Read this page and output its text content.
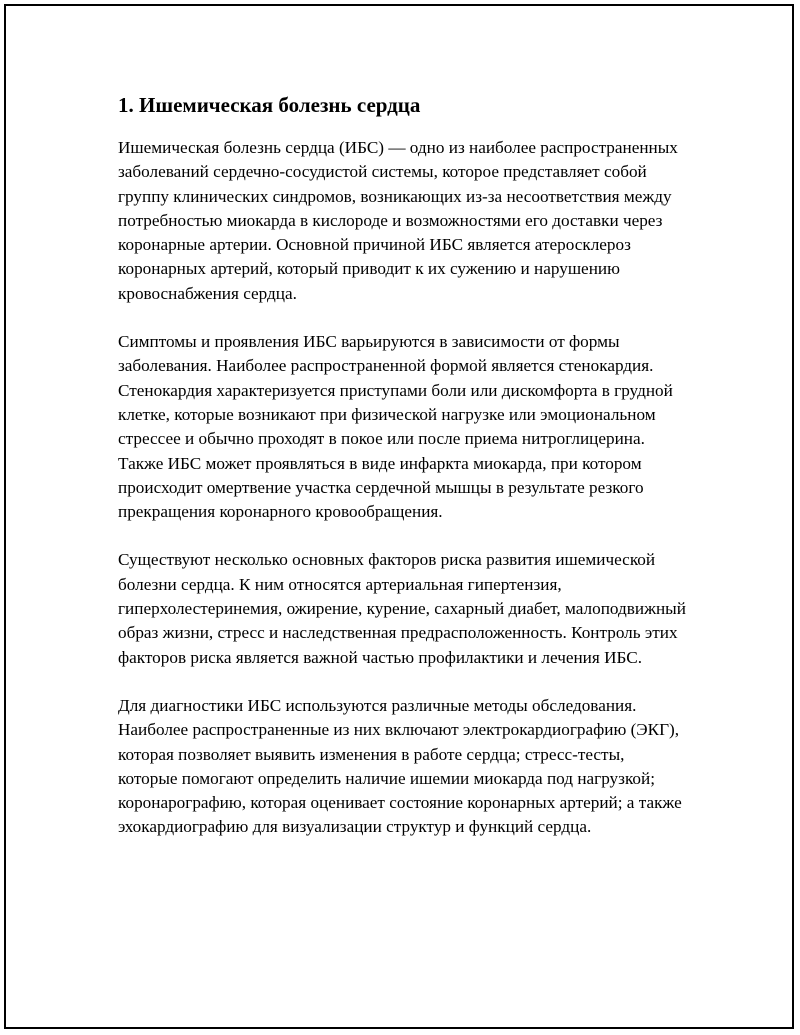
1. Ишемическая болезнь сердца

Ишемическая болезнь сердца (ИБС) — одно из наиболее распространенных заболеваний сердечно-сосудистой системы, которое представляет собой группу клинических синдромов, возникающих из-за несоответствия между потребностью миокарда в кислороде и возможностями его доставки через коронарные артерии. Основной причиной ИБС является атеросклероз коронарных артерий, который приводит к их сужению и нарушению кровоснабжения сердца.

Симптомы и проявления ИБС варьируются в зависимости от формы заболевания. Наиболее распространенной формой является стенокардия. Стенокардия характеризуется приступами боли или дискомфорта в грудной клетке, которые возникают при физической нагрузке или эмоциональном стрессее и обычно проходят в покое или после приема нитроглицерина. Также ИБС может проявляться в виде инфаркта миокарда, при котором происходит омертвение участка сердечной мышцы в результате резкого прекращения коронарного кровообращения.

Существуют несколько основных факторов риска развития ишемической болезни сердца. К ним относятся артериальная гипертензия, гиперхолестеринемия, ожирение, курение, сахарный диабет, малоподвижный образ жизни, стресс и наследственная предрасположенность. Контроль этих факторов риска является важной частью профилактики и лечения ИБС.

Для диагностики ИБС используются различные методы обследования. Наиболее распространенные из них включают электрокардиографию (ЭКГ), которая позволяет выявить изменения в работе сердца; стресс-тесты, которые помогают определить наличие ишемии миокарда под нагрузкой; коронарографию, которая оценивает состояние коронарных артерий; а также эхокардиографию для визуализации структур и функций сердца.
